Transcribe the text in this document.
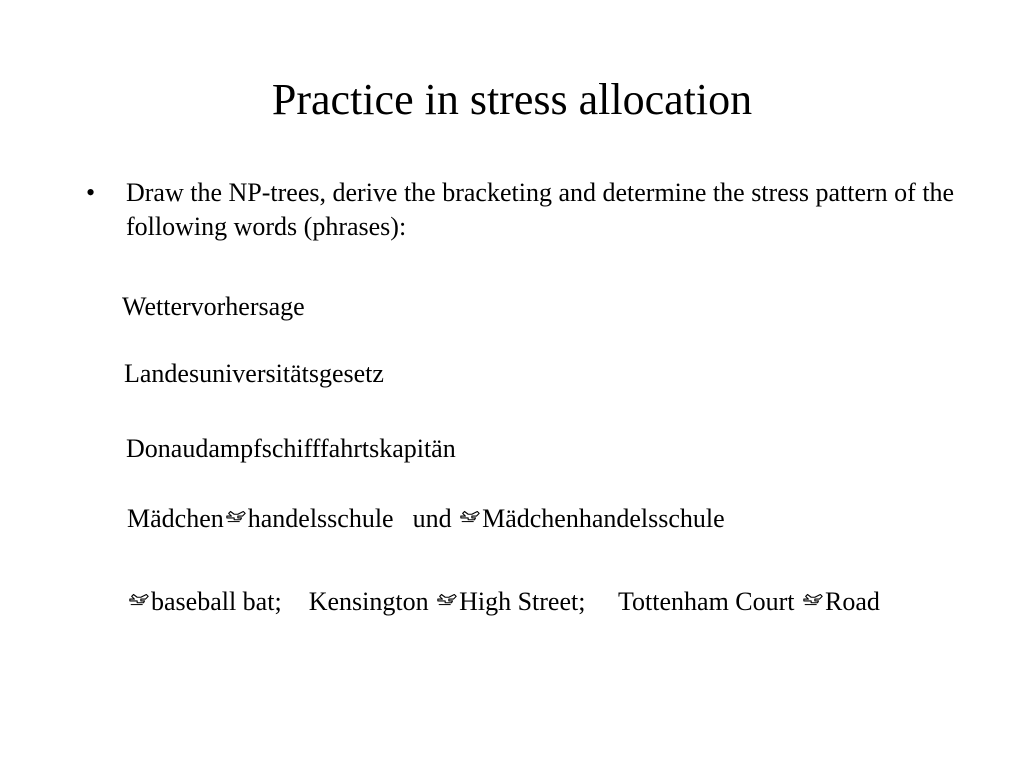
Practice in stress allocation
•	Draw the NP-trees, derive the bracketing and determine the stress pattern of the following words (phrases):
Wettervorhersage
Landesuniversitätsgesetz
Donaudampfschifffahrtskapitän
Mädchen handelsschule und Mädchenhandelsschule
baseball bat; Kensington High Street; Tottenham Court Road
